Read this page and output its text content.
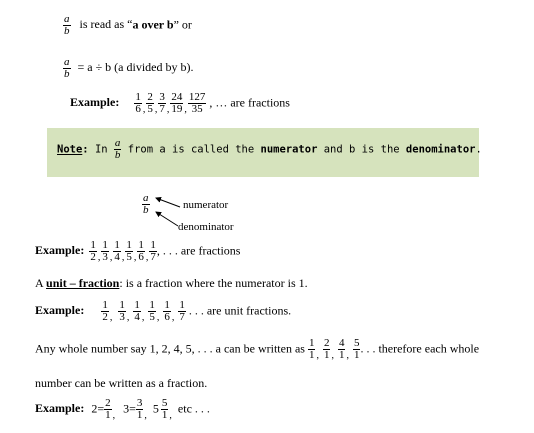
$\frac{a}{b}$ is read as “a over b” or
$\frac{a}{b} = a \div b$ (a divided by b).
Example: $\frac{1}{6} _, \frac{2}{5} _, \frac{3}{7} _, \frac{24}{19} _, \frac{127}{35}$ , … are fractions
Note: In $\frac{a}{b}$ from a is called the numerator and b is the denominator.
$\frac{a}{b}$	numerator
denominator
Example: $\frac{1}{2} _, \frac{1}{3} _, \frac{1}{4} _, \frac{1}{5} _, \frac{1}{6} _, \frac{1}{7}$ , . . . are fractions
A unit – fraction: is a fraction where the numerator is 1.
Example: $\frac{1}{2} _, \frac{1}{3} _, \frac{1}{4} _, \frac{1}{5} _, \frac{1}{6} _, \frac{1}{7}$ . . . are unit fractions.
Any whole number say 1, 2, 4, 5, . . . a can be written as $\frac{1}{1} _, \frac{2}{1} _, \frac{4}{1} _, \frac{5}{1}$ . . . therefore each whole
number can be written as a fraction.
Example: $2= \frac{2}{1} _,3= \frac{3}{1} _,5 \frac{5}{1} _,etc$ . . .
